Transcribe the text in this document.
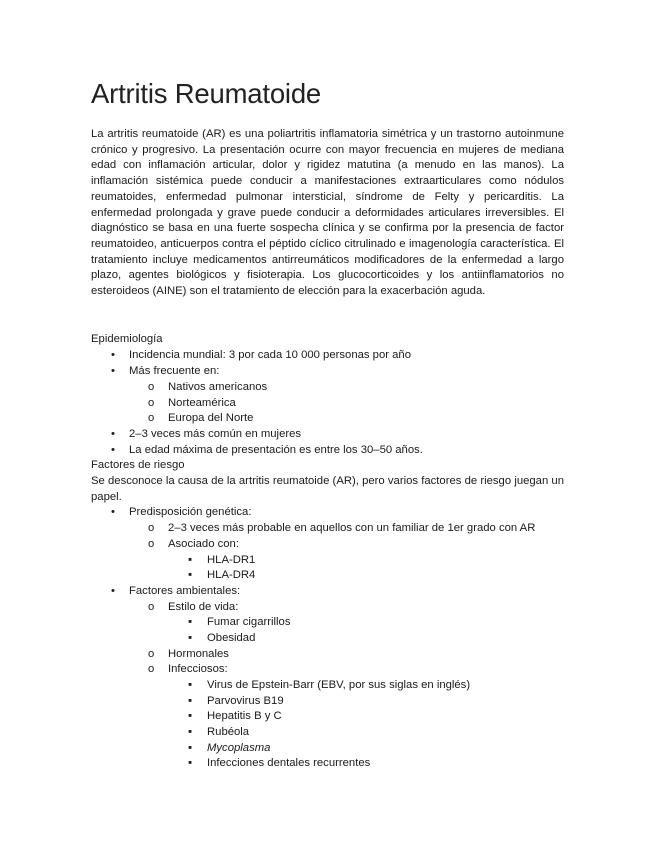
Artritis Reumatoide

La artritis reumatoide (AR) es una poliartritis inflamatoria simétrica y un trastorno autoinmune crónico y progresivo. La presentación ocurre con mayor frecuencia en mujeres de mediana edad con inflamación articular, dolor y rigidez matutina (a menudo en las manos). La inflamación sistémica puede conducir a manifestaciones extraarticulares como nódulos reumatoides, enfermedad pulmonar intersticial, síndrome de Felty y pericarditis. La enfermedad prolongada y grave puede conducir a deformidades articulares irreversibles. El diagnóstico se basa en una fuerte sospecha clínica y se confirma por la presencia de factor reumatoideo, anticuerpos contra el péptido cíclico citrulinado e imagenología característica. El tratamiento incluye medicamentos antirreumáticos modificadores de la enfermedad a largo plazo, agentes biológicos y fisioterapia. Los glucocorticoides y los antiinflamatorios no esteroideos (AINE) son el tratamiento de elección para la exacerbación aguda.

Epidemiología
• Incidencia mundial: 3 por cada 10 000 personas por año
• Más frecuente en:
o Nativos americanos
o Norteamérica
o Europa del Norte
• 2–3 veces más común en mujeres
• La edad máxima de presentación es entre los 30–50 años.
Factores de riesgo
Se desconoce la causa de la artritis reumatoide (AR), pero varios factores de riesgo juegan un papel.
• Predisposición genética:
o 2–3 veces más probable en aquellos con un familiar de 1er grado con AR
o Asociado con:
▪ HLA-DR1
▪ HLA-DR4
• Factores ambientales:
o Estilo de vida:
▪ Fumar cigarrillos
▪ Obesidad
o Hormonales
o Infecciosos:
▪ Virus de Epstein-Barr (EBV, por sus siglas en inglés)
▪ Parvovirus B19
▪ Hepatitis B y C
▪ Rubéola
▪ Mycoplasma
▪ Infecciones dentales recurrentes
